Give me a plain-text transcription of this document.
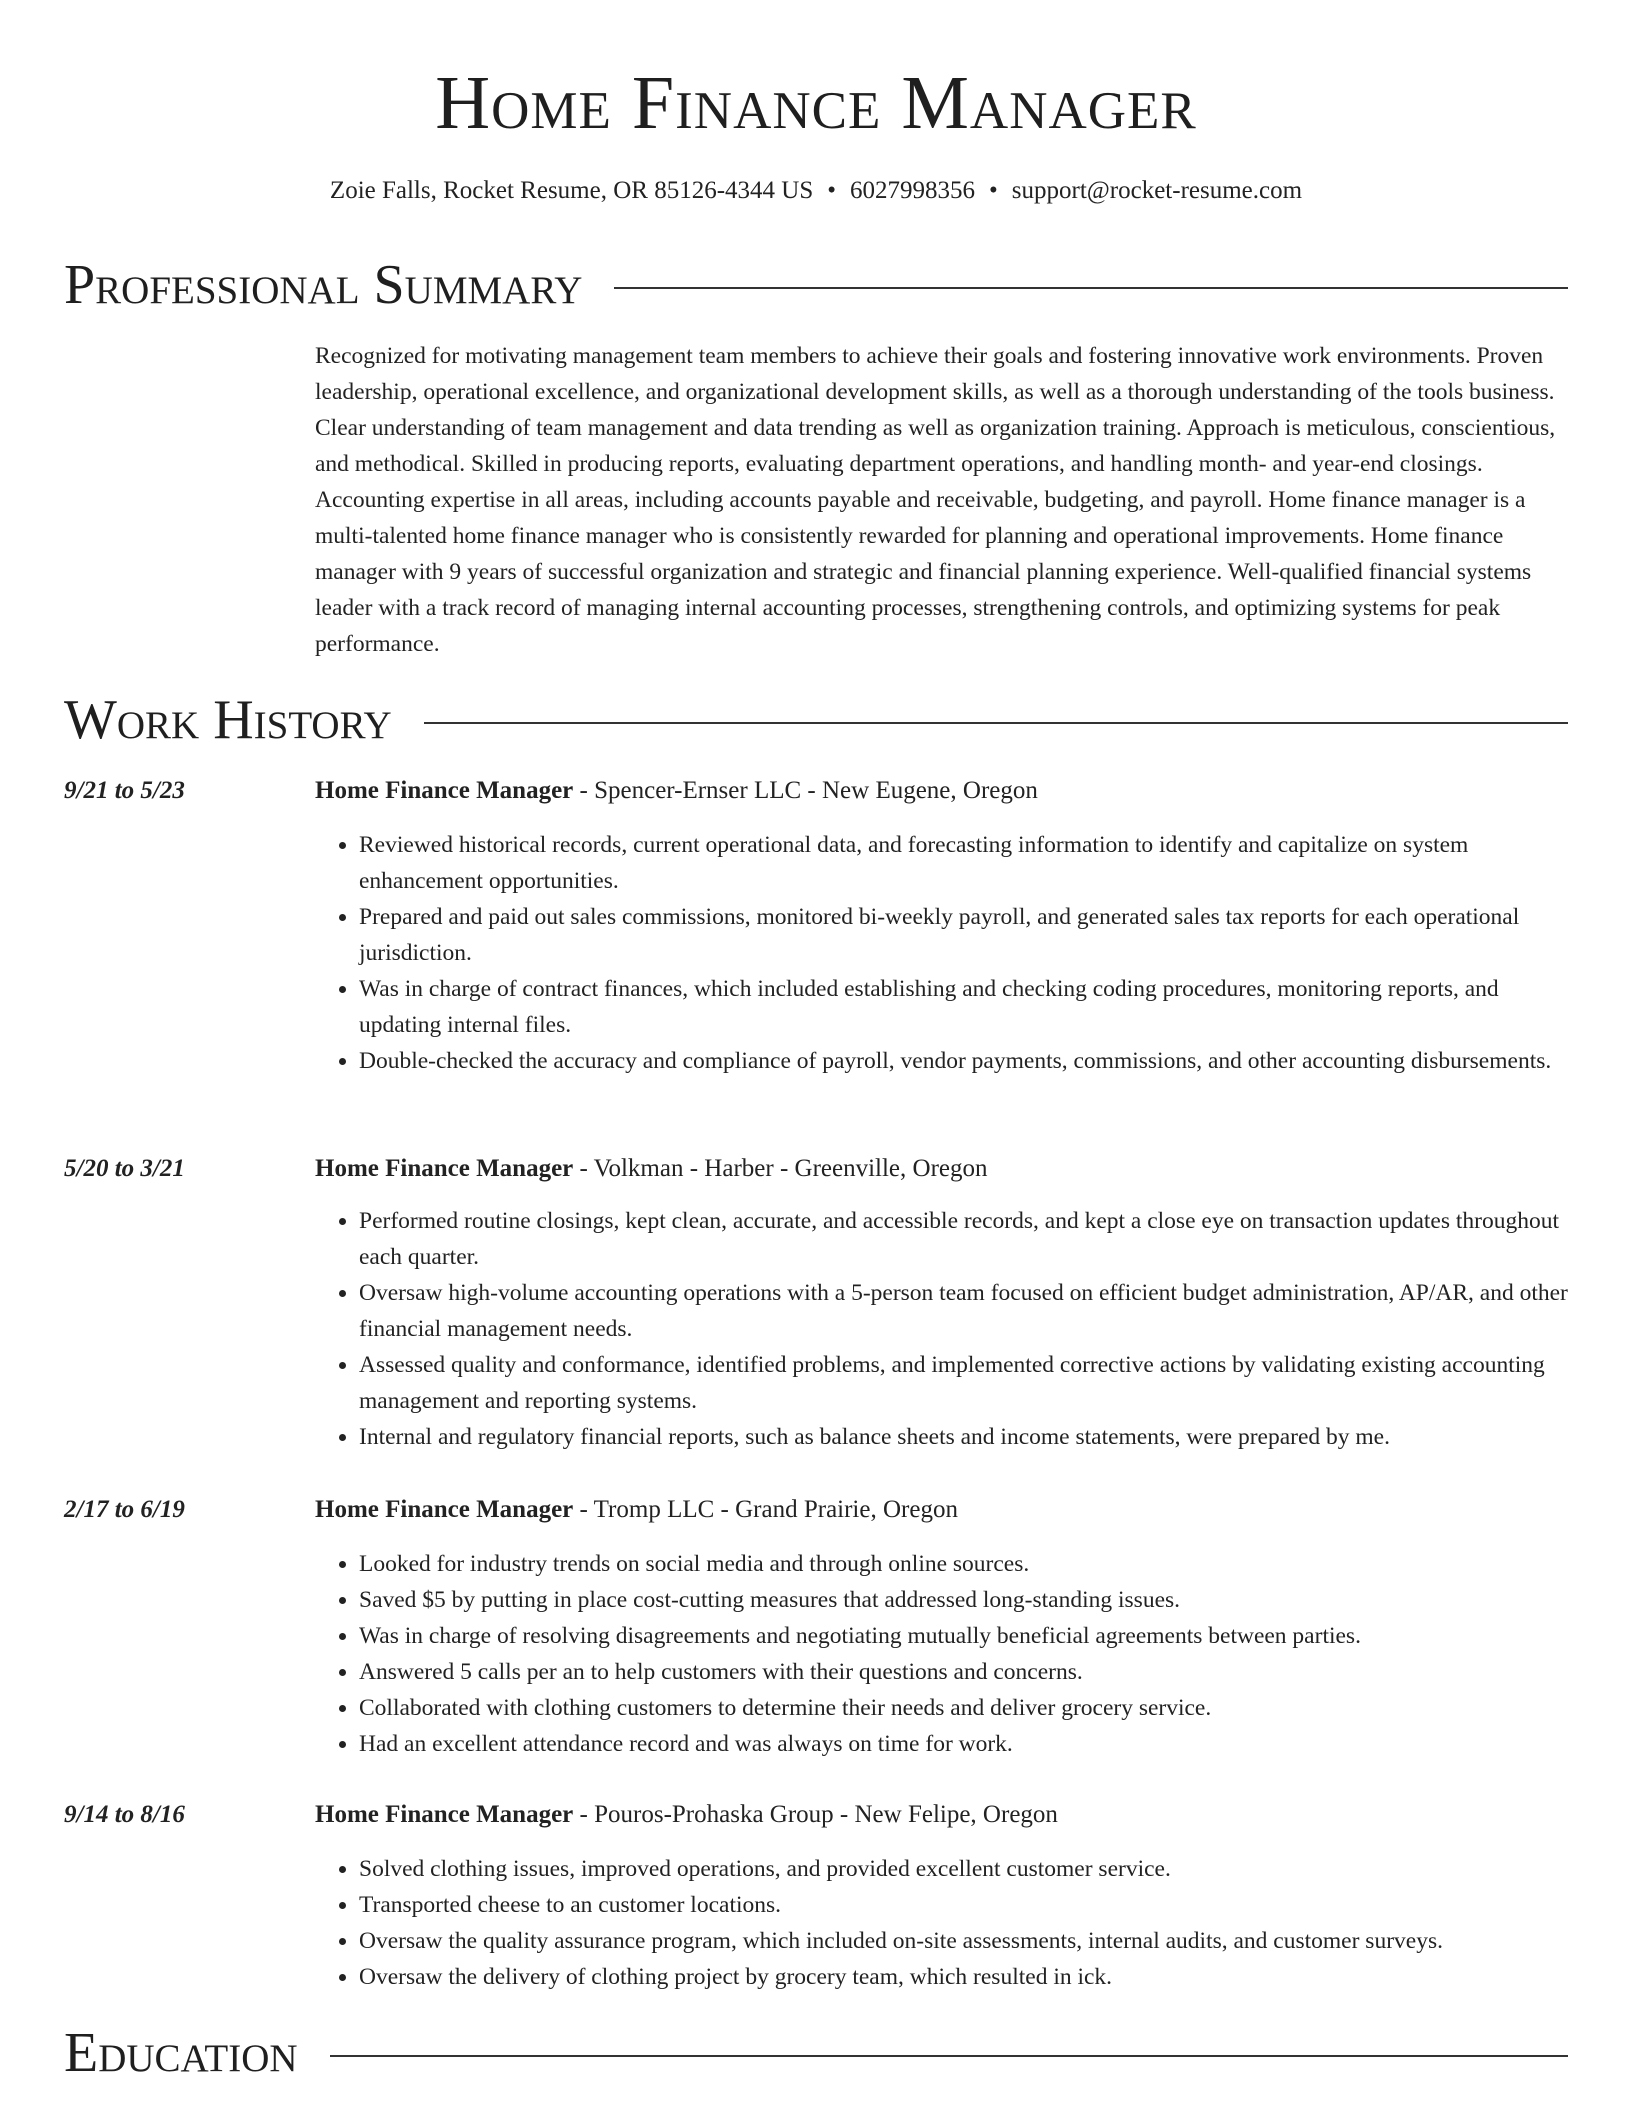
Home Finance Manager
Zoie Falls, Rocket Resume, OR 85126-4344 US • 6027998356 • support@rocket-resume.com
Professional Summary

Recognized for motivating management team members to achieve their goals and fostering innovative work environments. Proven leadership, operational excellence, and organizational development skills, as well as a thorough understanding of the tools business. Clear understanding of team management and data trending as well as organization training. Approach is meticulous, conscientious, and methodical. Skilled in producing reports, evaluating department operations, and handling month- and year-end closings. Accounting expertise in all areas, including accounts payable and receivable, budgeting, and payroll. Home finance manager is a multi-talented home finance manager who is consistently rewarded for planning and operational improvements. Home finance manager with 9 years of successful organization and strategic and financial planning experience. Well-qualified financial systems leader with a track record of managing internal accounting processes, strengthening controls, and optimizing systems for peak performance.

Work History
9/21 to 5/23	Home Finance Manager - Spencer-Ernser LLC - New Eugene, Oregon
• Reviewed historical records, current operational data, and forecasting information to identify and capitalize on system enhancement opportunities.
• Prepared and paid out sales commissions, monitored bi-weekly payroll, and generated sales tax reports for each operational jurisdiction.
• Was in charge of contract finances, which included establishing and checking coding procedures, monitoring reports, and updating internal files.
• Double-checked the accuracy and compliance of payroll, vendor payments, commissions, and other accounting disbursements.
5/20 to 3/21	Home Finance Manager - Volkman - Harber - Greenville, Oregon
• Performed routine closings, kept clean, accurate, and accessible records, and kept a close eye on transaction updates throughout each quarter.
• Oversaw high-volume accounting operations with a 5-person team focused on efficient budget administration, AP/AR, and other financial management needs.
• Assessed quality and conformance, identified problems, and implemented corrective actions by validating existing accounting management and reporting systems.
• Internal and regulatory financial reports, such as balance sheets and income statements, were prepared by me.
2/17 to 6/19	Home Finance Manager - Tromp LLC - Grand Prairie, Oregon
• Looked for industry trends on social media and through online sources.
• Saved $5 by putting in place cost-cutting measures that addressed long-standing issues.
• Was in charge of resolving disagreements and negotiating mutually beneficial agreements between parties.
• Answered 5 calls per an to help customers with their questions and concerns.
• Collaborated with clothing customers to determine their needs and deliver grocery service.
• Had an excellent attendance record and was always on time for work.
9/14 to 8/16	Home Finance Manager - Pouros-Prohaska Group - New Felipe, Oregon
• Solved clothing issues, improved operations, and provided excellent customer service.
• Transported cheese to an customer locations.
• Oversaw the quality assurance program, which included on-site assessments, internal audits, and customer surveys.
• Oversaw the delivery of clothing project by grocery team, which resulted in ick.
Education
